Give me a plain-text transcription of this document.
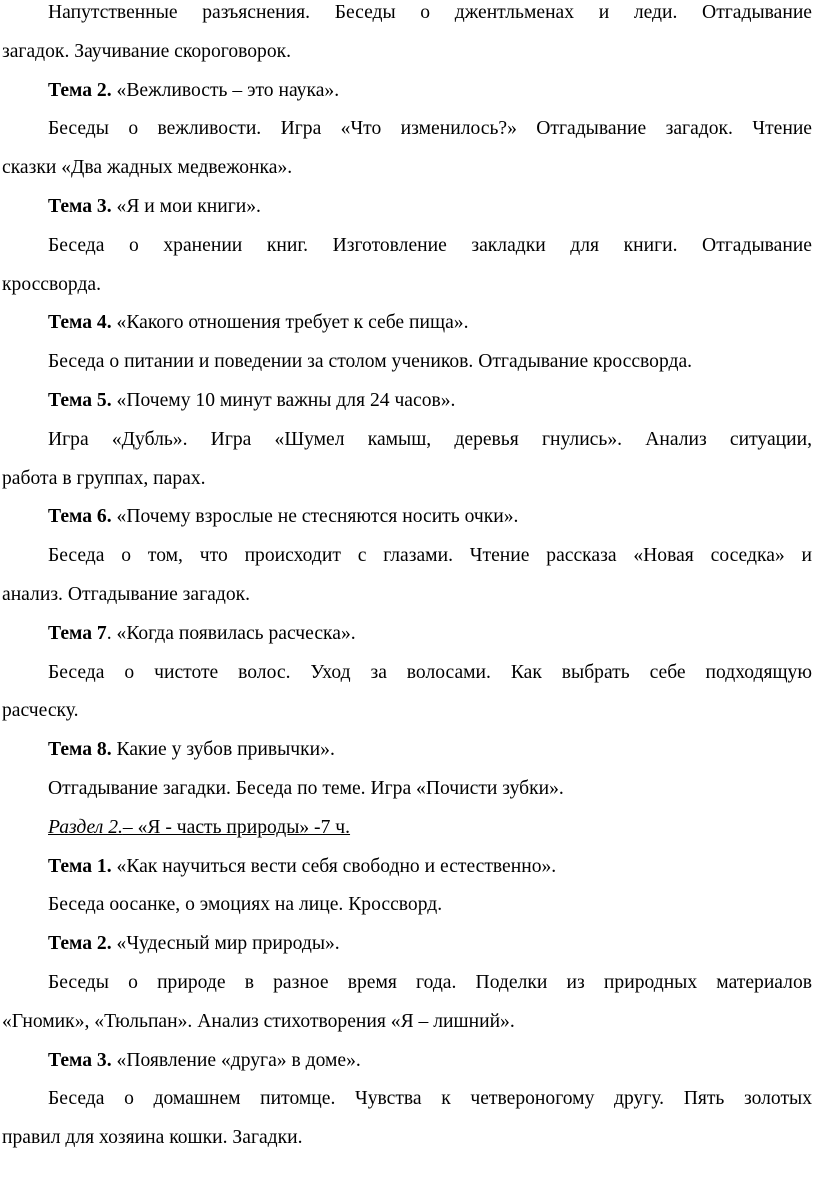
Напутственные разъяснения. Беседы о джентльменах и леди. Отгадывание

загадок. Заучивание скороговорок.

Тема 2. «Вежливость – это наука».

Беседы о вежливости. Игра «Что изменилось?» Отгадывание загадок. Чтение

сказки «Два жадных медвежонка».

Тема 3. «Я и мои книги».

Беседа о хранении книг. Изготовление закладки для книги. Отгадывание

кроссворда.

Тема 4. «Какого отношения требует к себе пища».

Беседа о питании и поведении за столом учеников. Отгадывание кроссворда.

Тема 5. «Почему 10 минут важны для 24 часов».

Игра «Дубль». Игра «Шумел камыш, деревья гнулись». Анализ ситуации,

работа в группах, парах.

Тема 6. «Почему взрослые не стесняются носить очки».

Беседа о том, что происходит с глазами. Чтение рассказа «Новая соседка» и

анализ. Отгадывание загадок.

Тема 7. «Когда появилась расческа».

Беседа о чистоте волос. Уход за волосами. Как выбрать себе подходящую

расческу.

Тема 8. Какие у зубов привычки».

Отгадывание загадки. Беседа по теме. Игра «Почисти зубки».

Раздел 2.– «Я - часть природы» -7 ч.

Тема 1. «Как научиться вести себя свободно и естественно».

Беседа оосанке, о эмоциях на лице. Кроссворд.

Тема 2. «Чудесный мир природы».

Беседы о природе в разное время года. Поделки из природных материалов

«Гномик», «Тюльпан». Анализ стихотворения «Я – лишний».

Тема 3. «Появление «друга» в доме».

Беседа о домашнем питомце. Чувства к четвероногому другу. Пять золотых

правил для хозяина кошки. Загадки.
